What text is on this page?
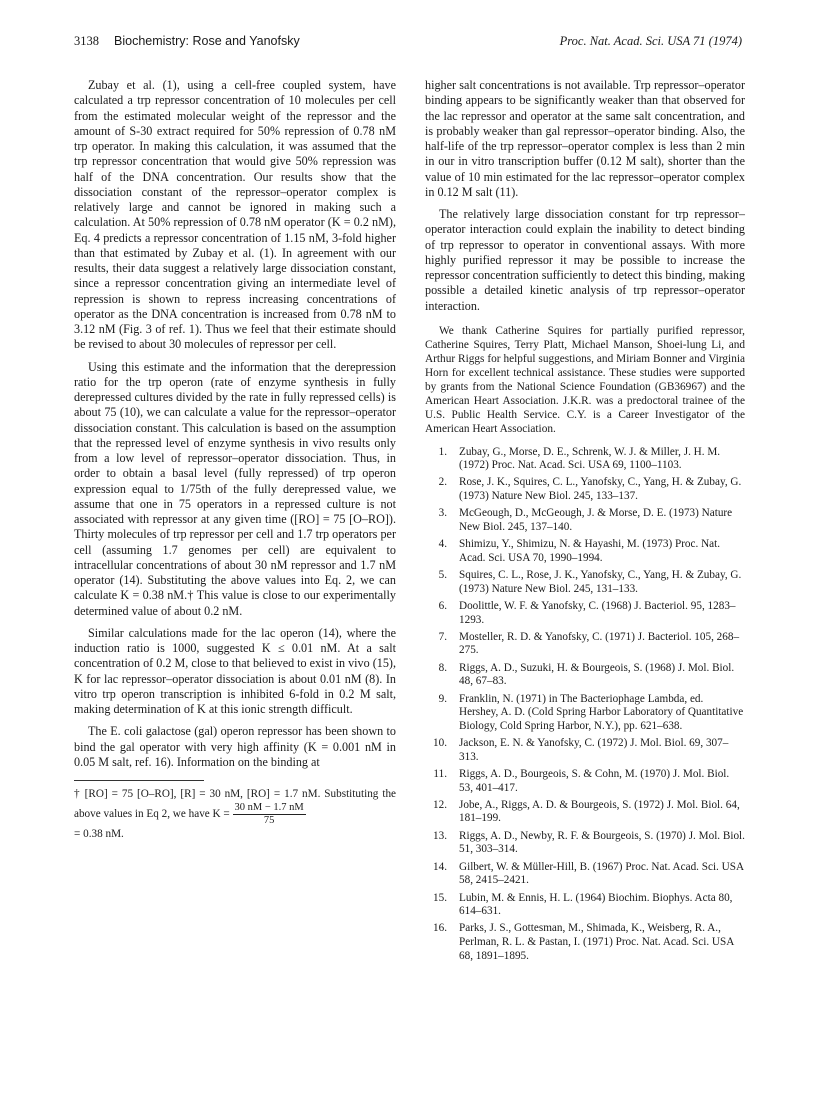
3138 Biochemistry: Rose and Yanofsky	Proc. Nat. Acad. Sci. USA 71 (1974)

Zubay et al. (1), using a cell-free coupled system, have calculated a trp repressor concentration of 10 molecules per cell from the estimated molecular weight of the repressor and the amount of S-30 extract required for 50% repression of 0.78 nM trp operator. In making this calculation, it was assumed that the trp repressor concentration that would give 50% repression was half of the DNA concentration. Our results show that the dissociation constant of the repressor–operator complex is relatively large and cannot be ignored in making such a calculation. At 50% repression of 0.78 nM operator (K = 0.2 nM), Eq. 4 predicts a repressor concentration of 1.15 nM, 3-fold higher than that estimated by Zubay et al. (1). In agreement with our results, their data suggest a relatively large dissociation constant, since a repressor concentration giving an intermediate level of repression is shown to repress increasing concentrations of operator as the DNA concentration is increased from 0.78 nM to 3.12 nM (Fig. 3 of ref. 1). Thus we feel that their estimate should be revised to about 30 molecules of repressor per cell.

Using this estimate and the information that the derepression ratio for the trp operon (rate of enzyme synthesis in fully derepressed cultures divided by the rate in fully repressed cells) is about 75 (10), we can calculate a value for the repressor–operator dissociation constant. This calculation is based on the assumption that the repressed level of enzyme synthesis in vivo results only from a low level of repressor–operator dissociation. Thus, in order to obtain a basal level (fully repressed) of trp operon expression equal to 1/75th of the fully derepressed value, we assume that one in 75 operators in a repressed culture is not associated with repressor at any given time ([RO] = 75 [O–RO]). Thirty molecules of trp repressor per cell and 1.7 trp operators per cell (assuming 1.7 genomes per cell) are equivalent to intracellular concentrations of about 30 nM repressor and 1.7 nM operator (14). Substituting the above values into Eq. 2, we can calculate K = 0.38 nM.† This value is close to our experimentally determined value of about 0.2 nM.

Similar calculations made for the lac operon (14), where the induction ratio is 1000, suggested K ≤ 0.01 nM. At a salt concentration of 0.2 M, close to that believed to exist in vivo (15), K for lac repressor–operator dissociation is about 0.01 nM (8). In vitro trp operon transcription is inhibited 6-fold in 0.2 M salt, making determination of K at this ionic strength difficult.

The E. coli galactose (gal) operon repressor has been shown to bind the gal operator with very high affinity (K = 0.001 nM in 0.05 M salt, ref. 16). Information on the binding at

† [RO] = 75 [O–RO], [R] = 30 nM, [RO] = 1.7 nM. Substituting the above values in Eq 2, we have $K = \frac{30 nM - 1.7 nM}{75}$

= 0.38 nM.

higher salt concentrations is not available. Trp repressor–operator binding appears to be significantly weaker than that observed for the lac repressor and operator at the same salt concentration, and is probably weaker than gal repressor–operator binding. Also, the half-life of the trp repressor–operator complex is less than 2 min in our in vitro transcription buffer (0.12 M salt), shorter than the value of 10 min estimated for the lac repressor–operator complex in 0.12 M salt (11).

The relatively large dissociation constant for trp repressor–operator interaction could explain the inability to detect binding of trp repressor to operator in conventional assays. With more highly purified repressor it may be possible to increase the repressor concentration sufficiently to detect this binding, making possible a detailed kinetic analysis of trp repressor–operator interaction.

We thank Catherine Squires for partially purified repressor, Catherine Squires, Terry Platt, Michael Manson, Shoei-lung Li, and Arthur Riggs for helpful suggestions, and Miriam Bonner and Virginia Horn for excellent technical assistance. These studies were supported by grants from the National Science Foundation (GB36967) and the American Heart Association. J.K.R. was a predoctoral trainee of the U.S. Public Health Service. C.Y. is a Career Investigator of the American Heart Association.

1. Zubay, G., Morse, D. E., Schrenk, W. J. & Miller, J. H. M. (1972) Proc. Nat. Acad. Sci. USA 69, 1100–1103.
2. Rose, J. K., Squires, C. L., Yanofsky, C., Yang, H. & Zubay, G. (1973) Nature New Biol. 245, 133–137.
3. McGeough, D., McGeough, J. & Morse, D. E. (1973) Nature New Biol. 245, 137–140.
4. Shimizu, Y., Shimizu, N. & Hayashi, M. (1973) Proc. Nat. Acad. Sci. USA 70, 1990–1994.
5. Squires, C. L., Rose, J. K., Yanofsky, C., Yang, H. & Zubay, G. (1973) Nature New Biol. 245, 131–133.
6. Doolittle, W. F. & Yanofsky, C. (1968) J. Bacteriol. 95, 1283–1293.
7. Mosteller, R. D. & Yanofsky, C. (1971) J. Bacteriol. 105, 268–275.
8. Riggs, A. D., Suzuki, H. & Bourgeois, S. (1968) J. Mol. Biol. 48, 67–83.
9. Franklin, N. (1971) in The Bacteriophage Lambda, ed. Hershey, A. D. (Cold Spring Harbor Laboratory of Quantitative Biology, Cold Spring Harbor, N.Y.), pp. 621–638.
10. Jackson, E. N. & Yanofsky, C. (1972) J. Mol. Biol. 69, 307–313.
11. Riggs, A. D., Bourgeois, S. & Cohn, M. (1970) J. Mol. Biol. 53, 401–417.
12. Jobe, A., Riggs, A. D. & Bourgeois, S. (1972) J. Mol. Biol. 64, 181–199.
13. Riggs, A. D., Newby, R. F. & Bourgeois, S. (1970) J. Mol. Biol. 51, 303–314.
14. Gilbert, W. & Müller-Hill, B. (1967) Proc. Nat. Acad. Sci. USA 58, 2415–2421.
15. Lubin, M. & Ennis, H. L. (1964) Biochim. Biophys. Acta 80, 614–631.
16. Parks, J. S., Gottesman, M., Shimada, K., Weisberg, R. A., Perlman, R. L. & Pastan, I. (1971) Proc. Nat. Acad. Sci. USA 68, 1891–1895.
